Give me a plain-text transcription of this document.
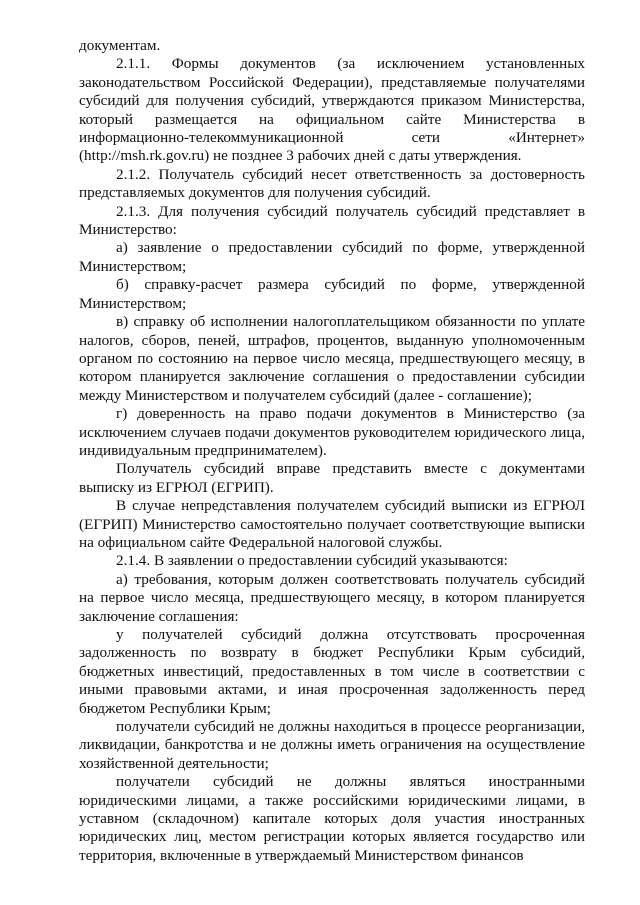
документам.

2.1.1. Формы документов (за исключением установленных законодательством Российской Федерации), представляемые получателями субсидий для получения субсидий, утверждаются приказом Министерства, который размещается на официальном сайте Министерства в информационно-телекоммуникационной сети «Интернет» (http://msh.rk.gov.ru) не позднее 3 рабочих дней с даты утверждения.

2.1.2. Получатель субсидий несет ответственность за достоверность представляемых документов для получения субсидий.

2.1.3. Для получения субсидий получатель субсидий представляет в Министерство:

а) заявление о предоставлении субсидий по форме, утвержденной Министерством;

б) справку-расчет размера субсидий по форме, утвержденной Министерством;

в) справку об исполнении налогоплательщиком обязанности по уплате налогов, сборов, пеней, штрафов, процентов, выданную уполномоченным органом по состоянию на первое число месяца, предшествующего месяцу, в котором планируется заключение соглашения о предоставлении субсидии между Министерством и получателем субсидий (далее - соглашение);

г) доверенность на право подачи документов в Министерство (за исключением случаев подачи документов руководителем юридического лица, индивидуальным предпринимателем).

Получатель субсидий вправе представить вместе с документами выписку из ЕГРЮЛ (ЕГРИП).

В случае непредставления получателем субсидий выписки из ЕГРЮЛ (ЕГРИП) Министерство самостоятельно получает соответствующие выписки на официальном сайте Федеральной налоговой службы.

2.1.4. В заявлении о предоставлении субсидий указываются:

а) требования, которым должен соответствовать получатель субсидий на первое число месяца, предшествующего месяцу, в котором планируется заключение соглашения:

у получателей субсидий должна отсутствовать просроченная задолженность по возврату в бюджет Республики Крым субсидий, бюджетных инвестиций, предоставленных в том числе в соответствии с иными правовыми актами, и иная просроченная задолженность перед бюджетом Республики Крым;

получатели субсидий не должны находиться в процессе реорганизации, ликвидации, банкротства и не должны иметь ограничения на осуществление хозяйственной деятельности;

получатели субсидий не должны являться иностранными юридическими лицами, а также российскими юридическими лицами, в уставном (складочном) капитале которых доля участия иностранных юридических лиц, местом регистрации которых является государство или территория, включенные в утверждаемый Министерством финансов
